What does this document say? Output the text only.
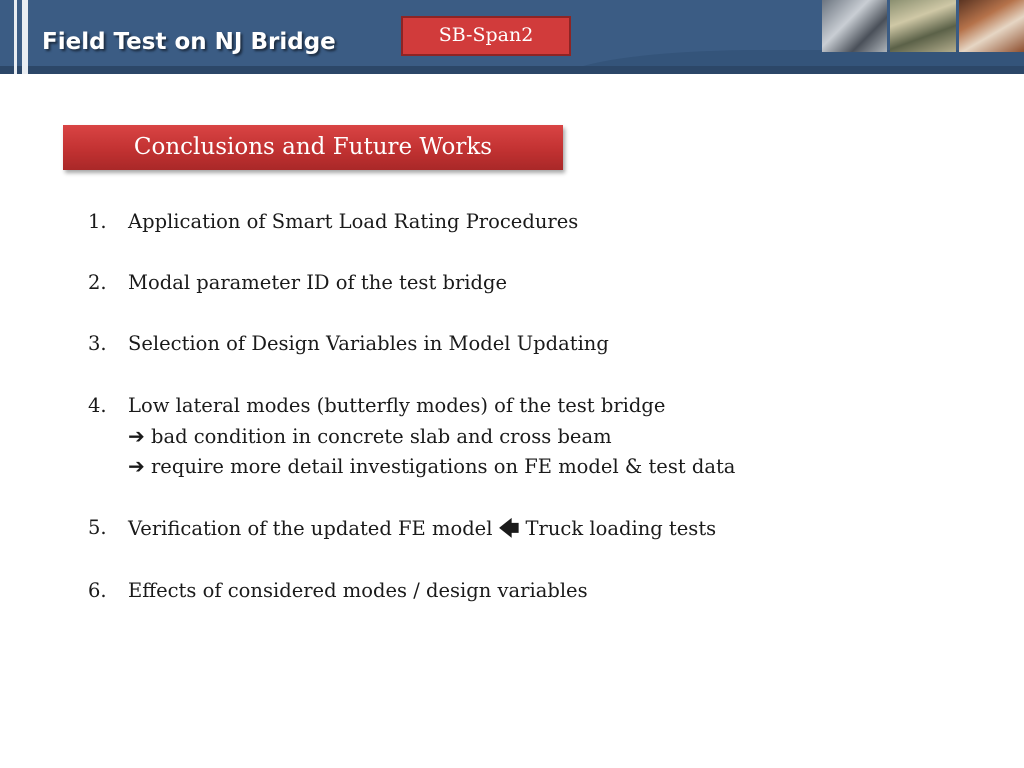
Field Test on NJ Bridge	SB-Span2
Conclusions and Future Works
1.	Application of Smart Load Rating Procedures
2.	Modal parameter ID of the test bridge
3.	Selection of Design Variables in Model Updating
4.	Low lateral modes (butterfly modes) of the test bridge
➔ bad condition in concrete slab and cross beam
➔ require more detail investigations on FE model & test data
5.	Verification of the updated FE model 🡄 Truck loading tests
6.	Effects of considered modes / design variables
